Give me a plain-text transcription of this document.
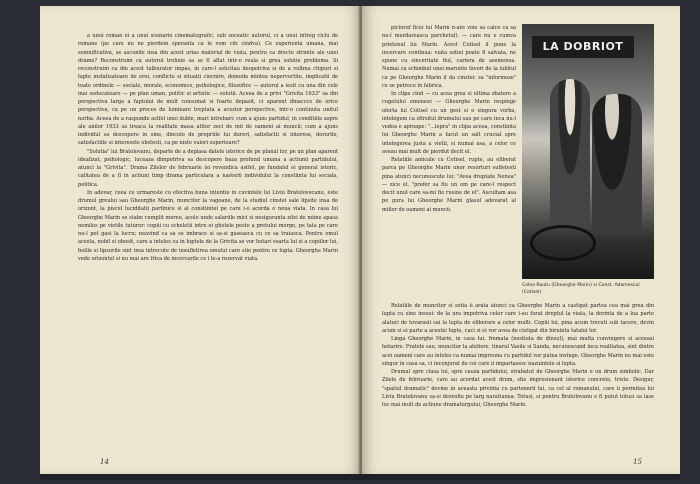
a unui roman ei a unui scenariu cinematografic, sub soceatic autorul, ci a unui intreg ciclu de romane (pe care nu ne pierdem speranta ca le vom citi cindva). Ce experienta umana, mai semnificativa, se ascunde insa din acest urias material de viata, pentru ca drecte strimte ale unei drame? Reconstruim ca autorul trebuie sa se fi aflat intr-o reala si grea solutie problema. Si reconstruim ca din acest tulburator impas, in care-l solicitau deopotriva si de a vultma chipuri si fapte insfatisatoare de eroi, conflicte si situatii ciocnire, demoda mintea nepervertite, implicatii de toate ordinele — sociale, morale, economice, psihologice, filozofice — autorul a iesit cu una din cele mai seducatoare — pe plan uman, politic si artistic — solutii. Aceea de a privi "Grivita 1933" sa din perspectiva larga a faptului de mult consumat si foarte depasit, ci aparent dinaccce de orice perspectiva, ca pe un proces de luminare treptata a acestor perspective, intr-o continuta unitul norba. Aceea de a raspunde astfel unei duble, mari intrebari: cum a ajuns partidul, in conditiile aspre ale anilor 1933 sa treaca la realitate masa atitor zeci de mii de oameni ai muncii; cum a ajuns individul sa descopere in sine, dincolo de propriile lui dureri, satisfactii si interese, dorurile, satisfactiile si interesele obstesti, ca pe niste valori superioare?

"Solutia" lui Bratolovanu, departe de a deplasa datele istorice de pe planul lor, pe un plan aparent idealizat, psihologic, luceaza dimpotriva sa descopere baza profund umana a actiunii partidului, atunci la "Grivita". Drama Zilelor de februarie isi revendica astfel, pe fundalul ei general istoric, calitatea de a fi in actiuni timp drama particulara a nasterii individului la constiinta lui sociala, politica.

In adevar, ceea ce urmareste cu efectiva buna intentie in cuvintele lui Liviu Bratolovecanu, este drumul greului sau Gheorghe Marin, muncitor la vagoane, de la studiul cinstei sale lipsite insa de orizont, la piscul luciditatii partinice si al constiintei pe care i-o acorda o noua viata. In casa lui Gheorghe Marin se stabe cumplit mereu, acolo unde salariile mici si nesiguranta zilei de miine apasa nemilos pe vietile tuturor: copiii cu scheletii intre ei ghetele peste a pretului merge, pe tata pe care nu-l pot gasi la lucru; neavind ca sa se imbrace si sa-si gaseasca cu ce sa traiasca. Pentru omul acesta, nobil si obosit, care a inteles ca in luptele de la Grivita se vor hotari soarta lui si a copiilor lui, bolile si lipsurile sint insa intrecute de insufletirea omului care stie pentru ce lupta. Gheorghe Marin vede orizontul si nu mai are frica de incercarile ce i le-a rezervat viata.

14

picioruf ficei lui Marin n-are voie sa calce ca sa nu-l murdareasca parchetul). — care nu e cumva prietenul lui Marin. Acest Cotisel il pune la incercare continua: viata sotiei poate fi salvata, ne spune cu sinceritate fiul, cariera de asemenea. Numai ca schimbul unei marunte favori de la iubitul ca pe Gheorghe Marin il da cinstei: sa "informeze" ce se petrece in fabrica.

In clipa cind — cu acea grea si ultima zbatere a cugetului omenesc — Gheorghe Marin respinge oferta lui Cotisel cu un gest si o singura vorba, intelegem ca sfirsitul drumului sau pe care inca nu-l vedea e aproape: "...lepra" in clipa aceea, constiinta lui Gheorghe Marin a facut un salt crucial spre intelegerea justa a vietii, si numai asa, a celor ce aveau mai mult de pierdut decit el.

Relatiile amicale cu Cotisel, rupte, au eliberat parca pe Gheorghe Marin unor resorturi sufletesti pina atunci necunoscute lui: "Avea dreptate Nenea" — zice el, "prefer sa fiu un om pe care-l respect decit unul care sa-mi fie rusine de el". Ascultam asa pe gura lui Gheorghe Marin glasul adevarat al miilor de oameni ai muncii.

LA DOBRIOT
Colea Rautu (Gheorghe Marin) si Const. Adamescul (Cotisel)

Relatiile de muncitor si sotia ii arata atunci ca Gheorghe Marin a castigat partea cea mai grea din lupta cu sine insusi: de la ura impotriva celor care i-au furat dreptul la viata, la dorinta de a lua parte alaturi de tovarasii sai la lupta de eliberare a celor multi. Copiii lui, pina acum trecuti sub tacere, devin acum si ei parte a acestei lupte, caci si ei vor avea de cistigat din biruinta tatalui lor.

Lingа Gheorghe Marin, in casa lui, fremata (nestiuta de dinsul), mai multa convingere si aceeasi hotarire. Fratele sau, muncitor la ateliere, tinarul Vasile si Sanda, necunoscand inca realitatea, sint dintre acei oameni care au inteles ca numai impreuna cu partidul vor putea invinge. Gheorghe Marin nu mai este singur in casa sa, ci inconjurat de cei care ii impartasesc nazuintele si lupta.

Drumul spre clasa lui, spre cauza partidului, strabatut de Gheorghe Marin e un drum simbolic. Dar Zilele de februarie, care au acordat acest drum, stie impresionant istorice concrete, triste. Desigur, "spatiul dramatic" devine in aceasta privinta cu partenerii lui, ca cel al romanului, care ii permitea lui Liviu Bratolovanu sa-si dezvolte pe larg naratiunea. Totusi, si pentru Bratolovanu e fi putut totusi sa lase loc mai mult de actiune dramaturgului, Gheorghe Marin.

15
